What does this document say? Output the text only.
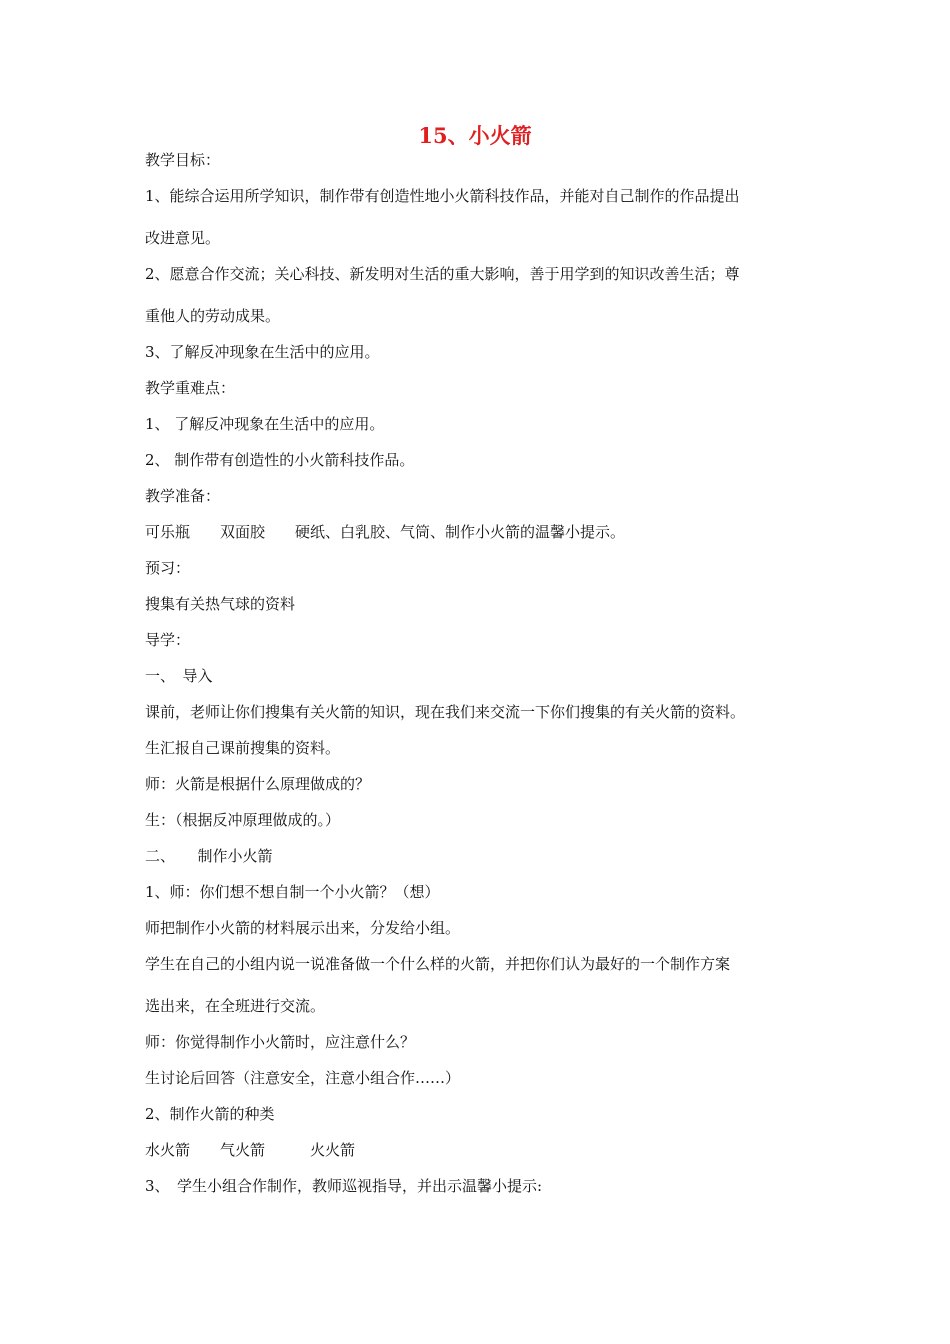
15、小火箭
教学目标：
1、能综合运用所学知识，制作带有创造性地小火箭科技作品，并能对自己制作的作品提出
改进意见。
2、愿意合作交流；关心科技、新发明对生活的重大影响，善于用学到的知识改善生活；尊
重他人的劳动成果。
3、了解反冲现象在生活中的应用。
教学重难点：
1、 了解反冲现象在生活中的应用。
2、 制作带有创造性的小火箭科技作品。
教学准备：
可乐瓶　　双面胶　　硬纸、白乳胶、气筒、制作小火箭的温馨小提示。
预习：
搜集有关热气球的资料
导学：
一、　导入
课前，老师让你们搜集有关火箭的知识，现在我们来交流一下你们搜集的有关火箭的资料。
生汇报自己课前搜集的资料。
师：火箭是根据什么原理做成的？
生：（根据反冲原理做成的。）
二、　　制作小火箭
1、师：你们想不想自制一个小火箭？（想）
师把制作小火箭的材料展示出来，分发给小组。
学生在自己的小组内说一说准备做一个什么样的火箭，并把你们认为最好的一个制作方案
选出来，在全班进行交流。
师：你觉得制作小火箭时，应注意什么？
生讨论后回答（注意安全，注意小组合作……）
2、制作火箭的种类
水火箭　　气火箭　　　火火箭
3、　学生小组合作制作，教师巡视指导，并出示温馨小提示:
